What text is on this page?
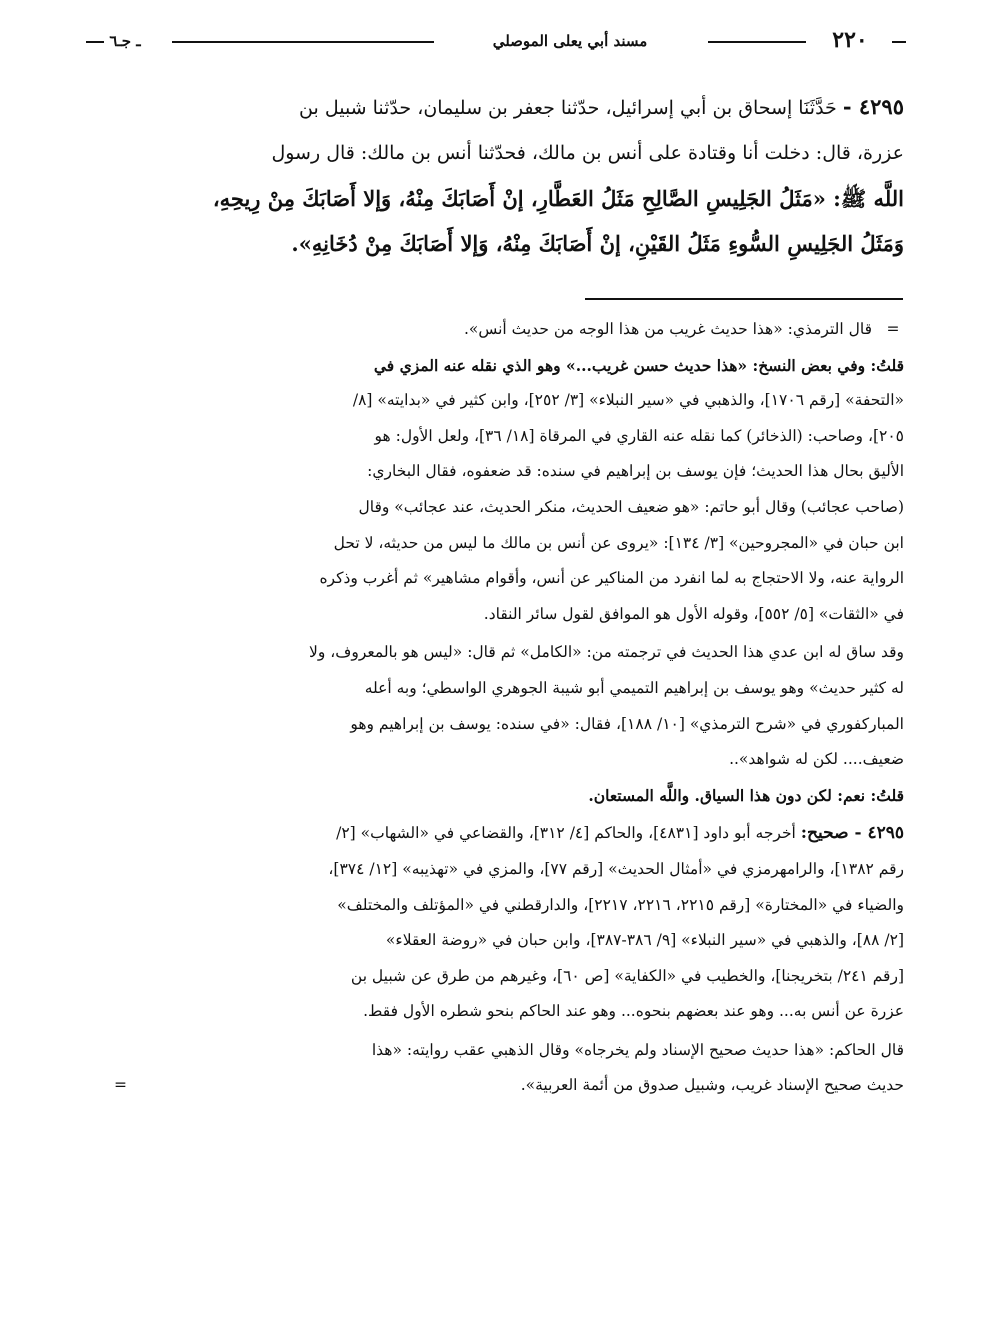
٢٢٠
مسند أبي يعلى الموصلي
ـ جـ٦
٤٢٩٥ - حَدَّثَنَا إسحاق بن أبي إسرائيل، حدّثنا جعفر بن سليمان، حدّثنا شبيل بن
عزرة، قال: دخلت أنا وقتادة على أنس بن مالك، فحدّثنا أنس بن مالك: قال رسول
اللَّه ﷺ: «مَثَلُ الجَلِيسِ الصَّالِحِ مَثَلُ العَطَّارِ، إنْ أَصَابَكَ مِنْهُ، وَإلا أَصَابَكَ مِنْ رِيحِهِ،
وَمَثَلُ الجَلِيسِ السُّوءِ مَثَلُ القَيْنِ، إنْ أَصَابَكَ مِنْهُ، وَإلا أَصَابَكَ مِنْ دُخَانِهِ».
=قال الترمذي: «هذا حديث غريب من هذا الوجه من حديث أنس».
قلتُ: وفي بعض النسخ: «هذا حديث حسن غريب...» وهو الذي نقله عنه المزي في
«التحفة» [رقم ١٧٠٦]، والذهبي في «سير النبلاء» [٣/ ٢٥٢]، وابن كثير في «بدايته» [٨/
٢٠٥]، وصاحب: (الذخائر) كما نقله عنه القاري في المرقاة [١٨/ ٣٦]، ولعل الأول: هو
الأليق بحال هذا الحديث؛ فإن يوسف بن إبراهيم في سنده: قد ضعفوه، فقال البخاري:
(صاحب عجائب) وقال أبو حاتم: «هو ضعيف الحديث، منكر الحديث، عند عجائب» وقال
ابن حبان في «المجروحين» [٣/ ١٣٤]: «يروى عن أنس بن مالك ما ليس من حديثه، لا تحل
الرواية عنه، ولا الاحتجاج به لما انفرد من المناكير عن أنس، وأقوام مشاهير» ثم أغرب وذكره
في «الثقات» [٥/ ٥٥٢]، وقوله الأول هو الموافق لقول سائر النقاد.
وقد ساق له ابن عدي هذا الحديث في ترجمته من: «الكامل» ثم قال: «ليس هو بالمعروف، ولا
له كثير حديث» وهو يوسف بن إبراهيم التميمي أبو شيبة الجوهري الواسطي؛ وبه أعله
المباركفوري في «شرح الترمذي» [١٠/ ١٨٨]، فقال: «في سنده: يوسف بن إبراهيم وهو
ضعيف.... لكن له شواهد»..
قلتُ: نعم: لكن دون هذا السياق. واللَّه المستعان.
٤٢٩٥ - صحيح: أخرجه أبو داود [٤٨٣١]، والحاكم [٤/ ٣١٢]، والقضاعي في «الشهاب» [٢/
رقم ١٣٨٢]، والرامهرمزي في «أمثال الحديث» [رقم ٧٧]، والمزي في «تهذيبه» [١٢/ ٣٧٤]،
والضياء في «المختارة» [رقم ٢٢١٥، ٢٢١٦، ٢٢١٧]، والدارقطني في «المؤتلف والمختلف»
[٢/ ٨٨]، والذهبي في «سير النبلاء» [٩/ ٣٨٦-٣٨٧]، وابن حبان في «روضة العقلاء»
[رقم ٢٤١/ بتخريجنا]، والخطيب في «الكفاية» [ص ٦٠]، وغيرهم من طرق عن شبيل بن
عزرة عن أنس به... وهو عند بعضهم بنحوه... وهو عند الحاكم بنحو شطره الأول فقط.
قال الحاكم: «هذا حديث صحيح الإسناد ولم يخرجاه» وقال الذهبي عقب روايته: «هذا
حديث صحيح الإسناد غريب، وشبيل صدوق من أئمة العربية».
=
